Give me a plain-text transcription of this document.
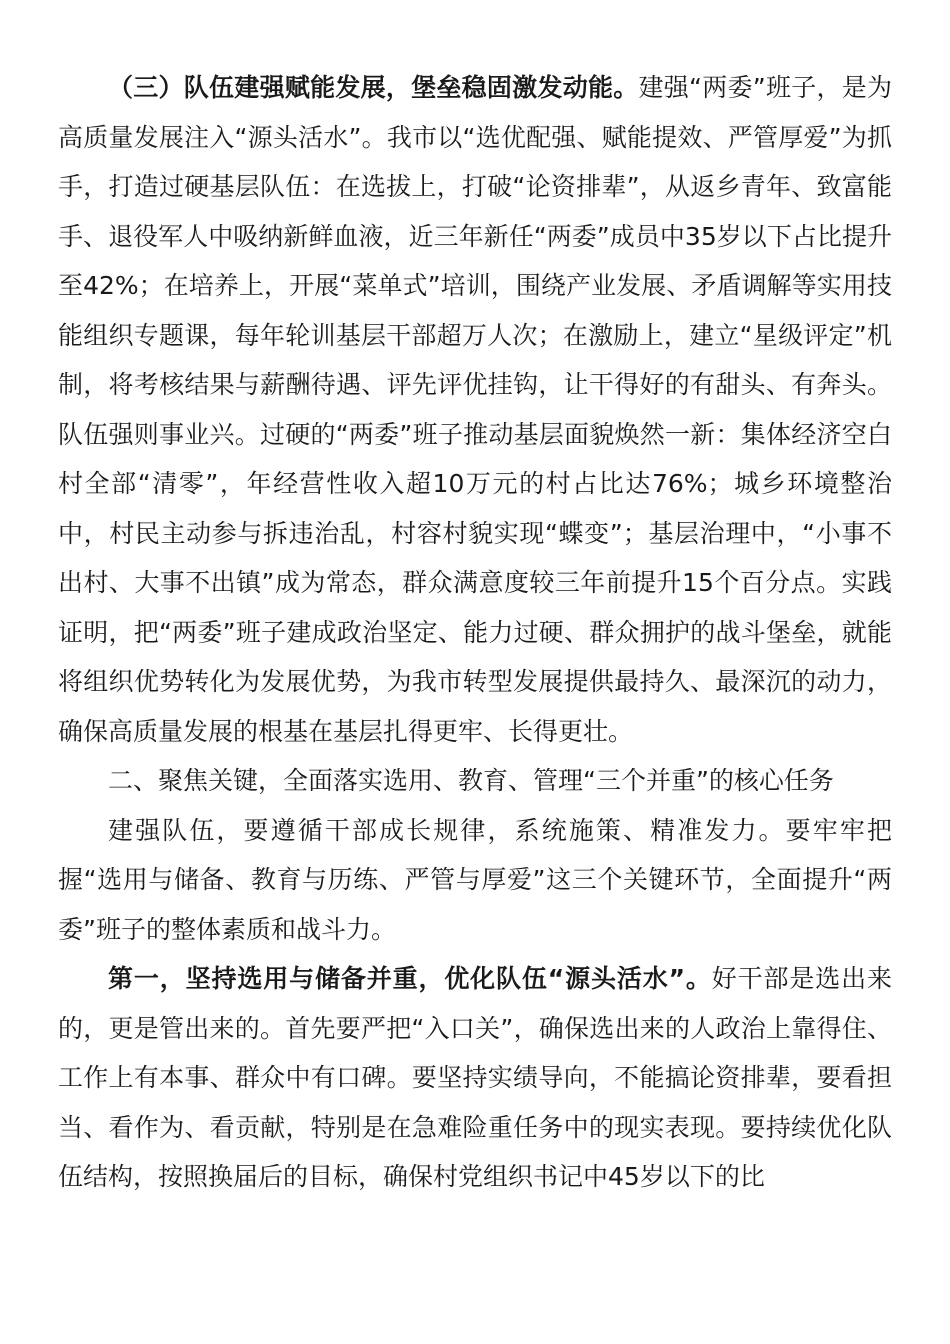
（三）队伍建强赋能发展，堡垒稳固激发动能。建强“两委”班子，是为高质量发展注入“源头活水”。我市以“选优配强、赋能提效、严管厚爱”为抓手，打造过硬基层队伍：在选拔上，打破“论资排辈”，从返乡青年、致富能手、退役军人中吸纳新鲜血液，近三年新任“两委”成员中35岁以下占比提升至42%；在培养上，开展“菜单式”培训，围绕产业发展、矛盾调解等实用技能组织专题课，每年轮训基层干部超万人次；在激励上，建立“星级评定”机制，将考核结果与薪酬待遇、评先评优挂钩，让干得好的有甜头、有奔头。队伍强则事业兴。过硬的“两委”班子推动基层面貌焕然一新：集体经济空白村全部“清零”，年经营性收入超10万元的村占比达76%；城乡环境整治中，村民主动参与拆违治乱，村容村貌实现“蝶变”；基层治理中，“小事不出村、大事不出镇”成为常态，群众满意度较三年前提升15个百分点。实践证明，把“两委”班子建成政治坚定、能力过硬、群众拥护的战斗堡垒，就能将组织优势转化为发展优势，为我市转型发展提供最持久、最深沉的动力，确保高质量发展的根基在基层扎得更牢、长得更壮。

二、聚焦关键，全面落实选用、教育、管理“三个并重”的核心任务

建强队伍，要遵循干部成长规律，系统施策、精准发力。要牢牢把握“选用与储备、教育与历练、严管与厚爱”这三个关键环节，全面提升“两委”班子的整体素质和战斗力。

第一，坚持选用与储备并重，优化队伍“源头活水”。好干部是选出来的，更是管出来的。首先要严把“入口关”，确保选出来的人政治上靠得住、工作上有本事、群众中有口碑。要坚持实绩导向，不能搞论资排辈，要看担当、看作为、看贡献，特别是在急难险重任务中的现实表现。要持续优化队伍结构，按照换届后的目标，确保村党组织书记中45岁以下的比
